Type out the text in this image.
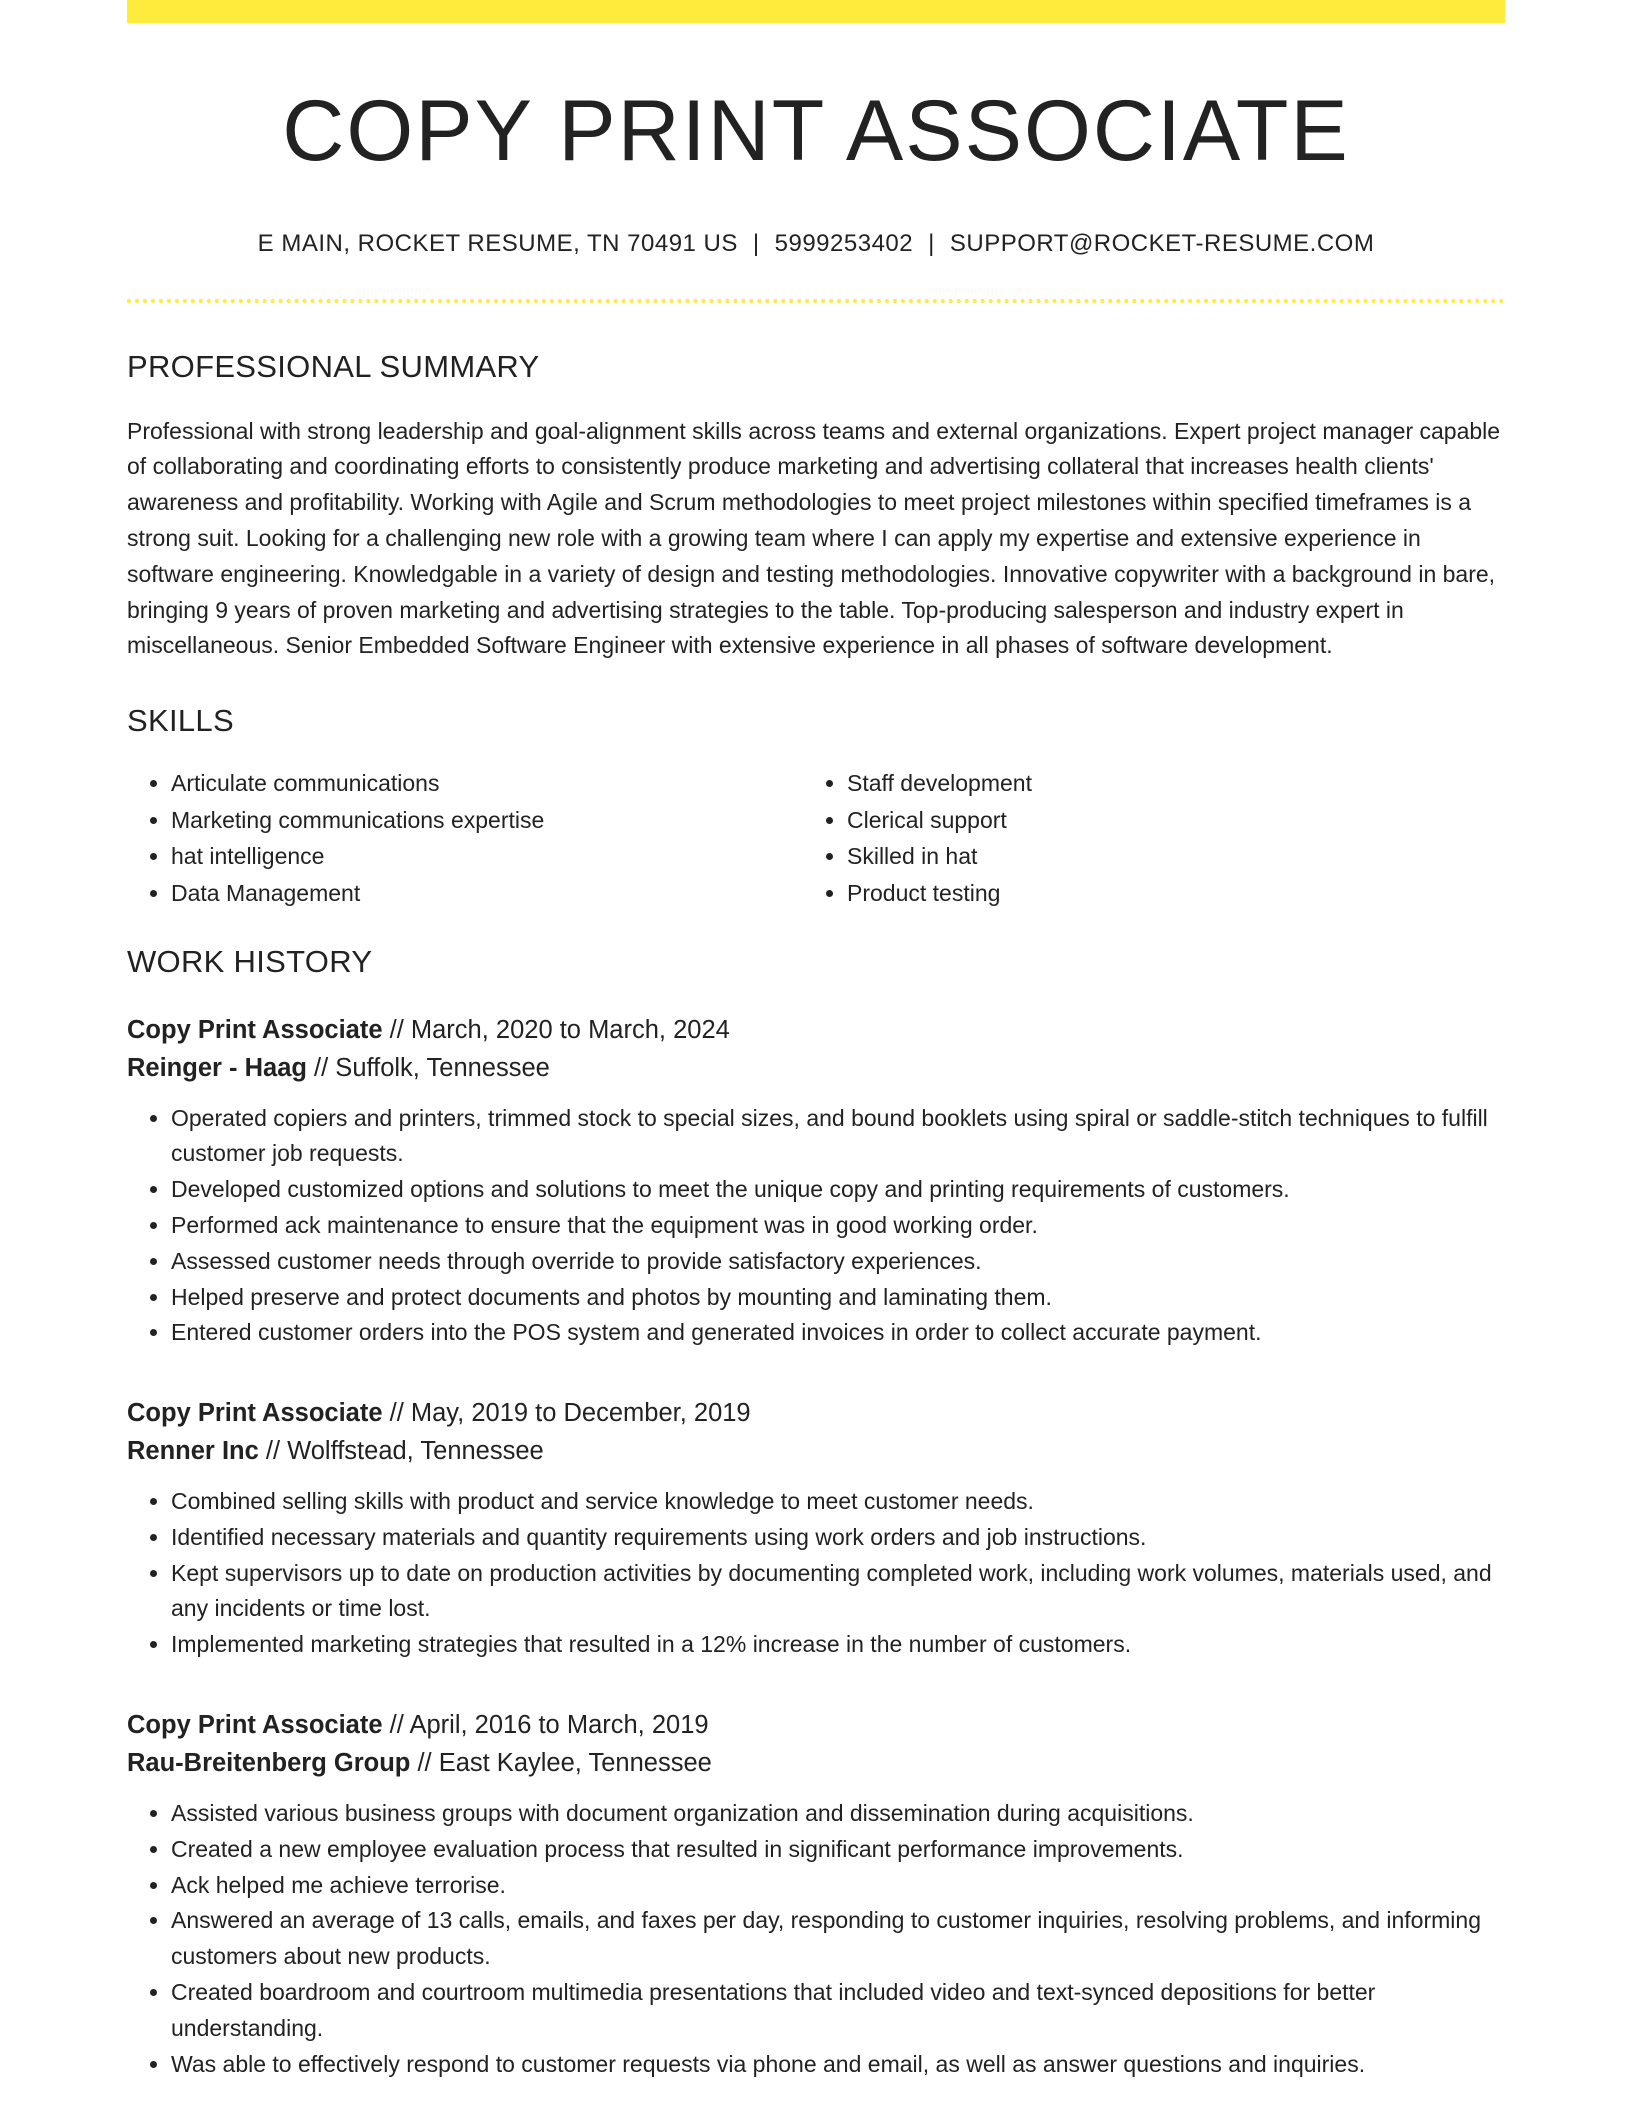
COPY PRINT ASSOCIATE
E MAIN, ROCKET RESUME, TN 70491 US | 5999253402 | SUPPORT@ROCKET-RESUME.COM
PROFESSIONAL SUMMARY

Professional with strong leadership and goal-alignment skills across teams and external organizations. Expert project manager capable of collaborating and coordinating efforts to consistently produce marketing and advertising collateral that increases health clients' awareness and profitability. Working with Agile and Scrum methodologies to meet project milestones within specified timeframes is a strong suit. Looking for a challenging new role with a growing team where I can apply my expertise and extensive experience in software engineering. Knowledgable in a variety of design and testing methodologies. Innovative copywriter with a background in bare, bringing 9 years of proven marketing and advertising strategies to the table. Top-producing salesperson and industry expert in miscellaneous. Senior Embedded Software Engineer with extensive experience in all phases of software development.

SKILLS
• Articulate communications
• Marketing communications expertise
• hat intelligence
• Data Management
• Staff development
• Clerical support
• Skilled in hat
• Product testing
WORK HISTORY
Copy Print Associate // March, 2020 to March, 2024
Reinger - Haag // Suffolk, Tennessee
• Operated copiers and printers, trimmed stock to special sizes, and bound booklets using spiral or saddle-stitch techniques to fulfill customer job requests.
• Developed customized options and solutions to meet the unique copy and printing requirements of customers.
• Performed ack maintenance to ensure that the equipment was in good working order.
• Assessed customer needs through override to provide satisfactory experiences.
• Helped preserve and protect documents and photos by mounting and laminating them.
• Entered customer orders into the POS system and generated invoices in order to collect accurate payment.
Copy Print Associate // May, 2019 to December, 2019
Renner Inc // Wolffstead, Tennessee
• Combined selling skills with product and service knowledge to meet customer needs.
• Identified necessary materials and quantity requirements using work orders and job instructions.
• Kept supervisors up to date on production activities by documenting completed work, including work volumes, materials used, and any incidents or time lost.
• Implemented marketing strategies that resulted in a 12% increase in the number of customers.
Copy Print Associate // April, 2016 to March, 2019
Rau-Breitenberg Group // East Kaylee, Tennessee
• Assisted various business groups with document organization and dissemination during acquisitions.
• Created a new employee evaluation process that resulted in significant performance improvements.
• Ack helped me achieve terrorise.
• Answered an average of 13 calls, emails, and faxes per day, responding to customer inquiries, resolving problems, and informing customers about new products.
• Created boardroom and courtroom multimedia presentations that included video and text-synced depositions for better understanding.
• Was able to effectively respond to customer requests via phone and email, as well as answer questions and inquiries.
